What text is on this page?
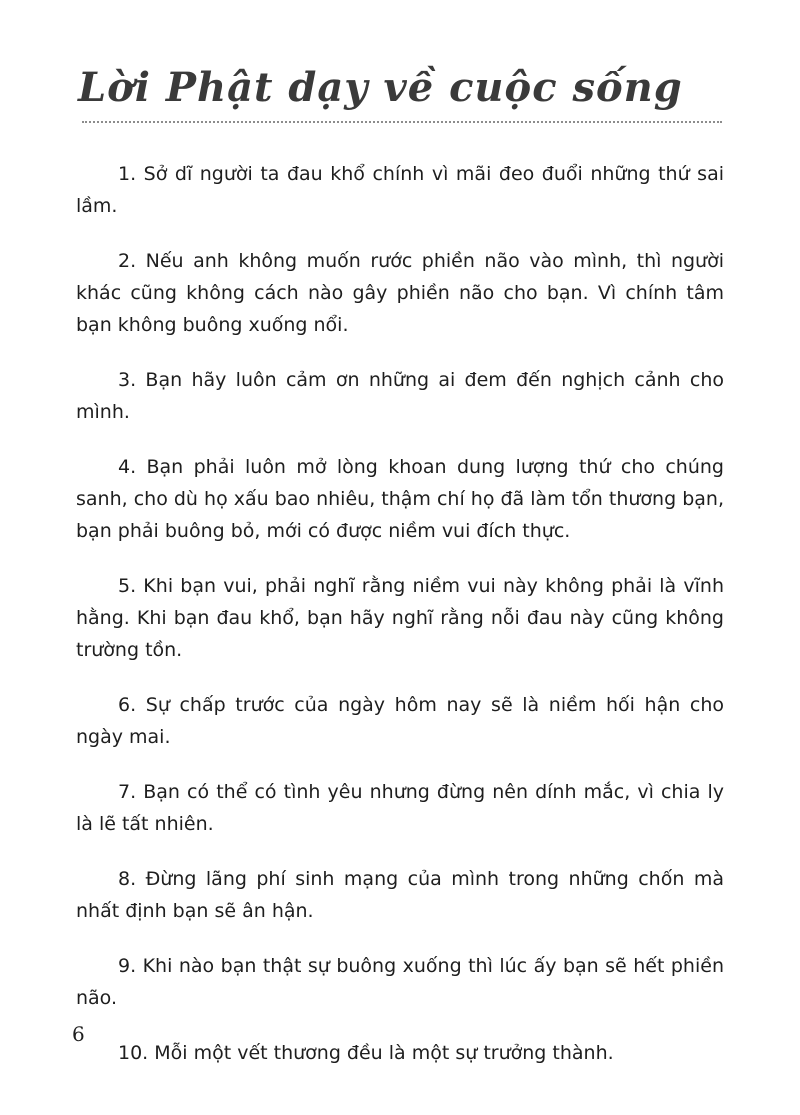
Lời Phật dạy về cuộc sống
1. Sở dĩ người ta đau khổ chính vì mãi đeo đuổi những thứ sai lầm.
2. Nếu anh không muốn rước phiền não vào mình, thì người khác cũng không cách nào gây phiền não cho bạn. Vì chính tâm bạn không buông xuống nổi.
3. Bạn hãy luôn cảm ơn những ai đem đến nghịch cảnh cho mình.
4. Bạn phải luôn mở lòng khoan dung lượng thứ cho chúng sanh, cho dù họ xấu bao nhiêu, thậm chí họ đã làm tổn thương bạn, bạn phải buông bỏ, mới có được niềm vui đích thực.
5. Khi bạn vui, phải nghĩ rằng niềm vui này không phải là vĩnh hằng. Khi bạn đau khổ, bạn hãy nghĩ rằng nỗi đau này cũng không trường tồn.
6. Sự chấp trước của ngày hôm nay sẽ là niềm hối hận cho ngày mai.
7. Bạn có thể có tình yêu nhưng đừng nên dính mắc, vì chia ly là lẽ tất nhiên.
8. Đừng lãng phí sinh mạng của mình trong những chốn mà nhất định bạn sẽ ân hận.
9. Khi nào bạn thật sự buông xuống thì lúc ấy bạn sẽ hết phiền não.
10. Mỗi một vết thương đều là một sự trưởng thành.
6
